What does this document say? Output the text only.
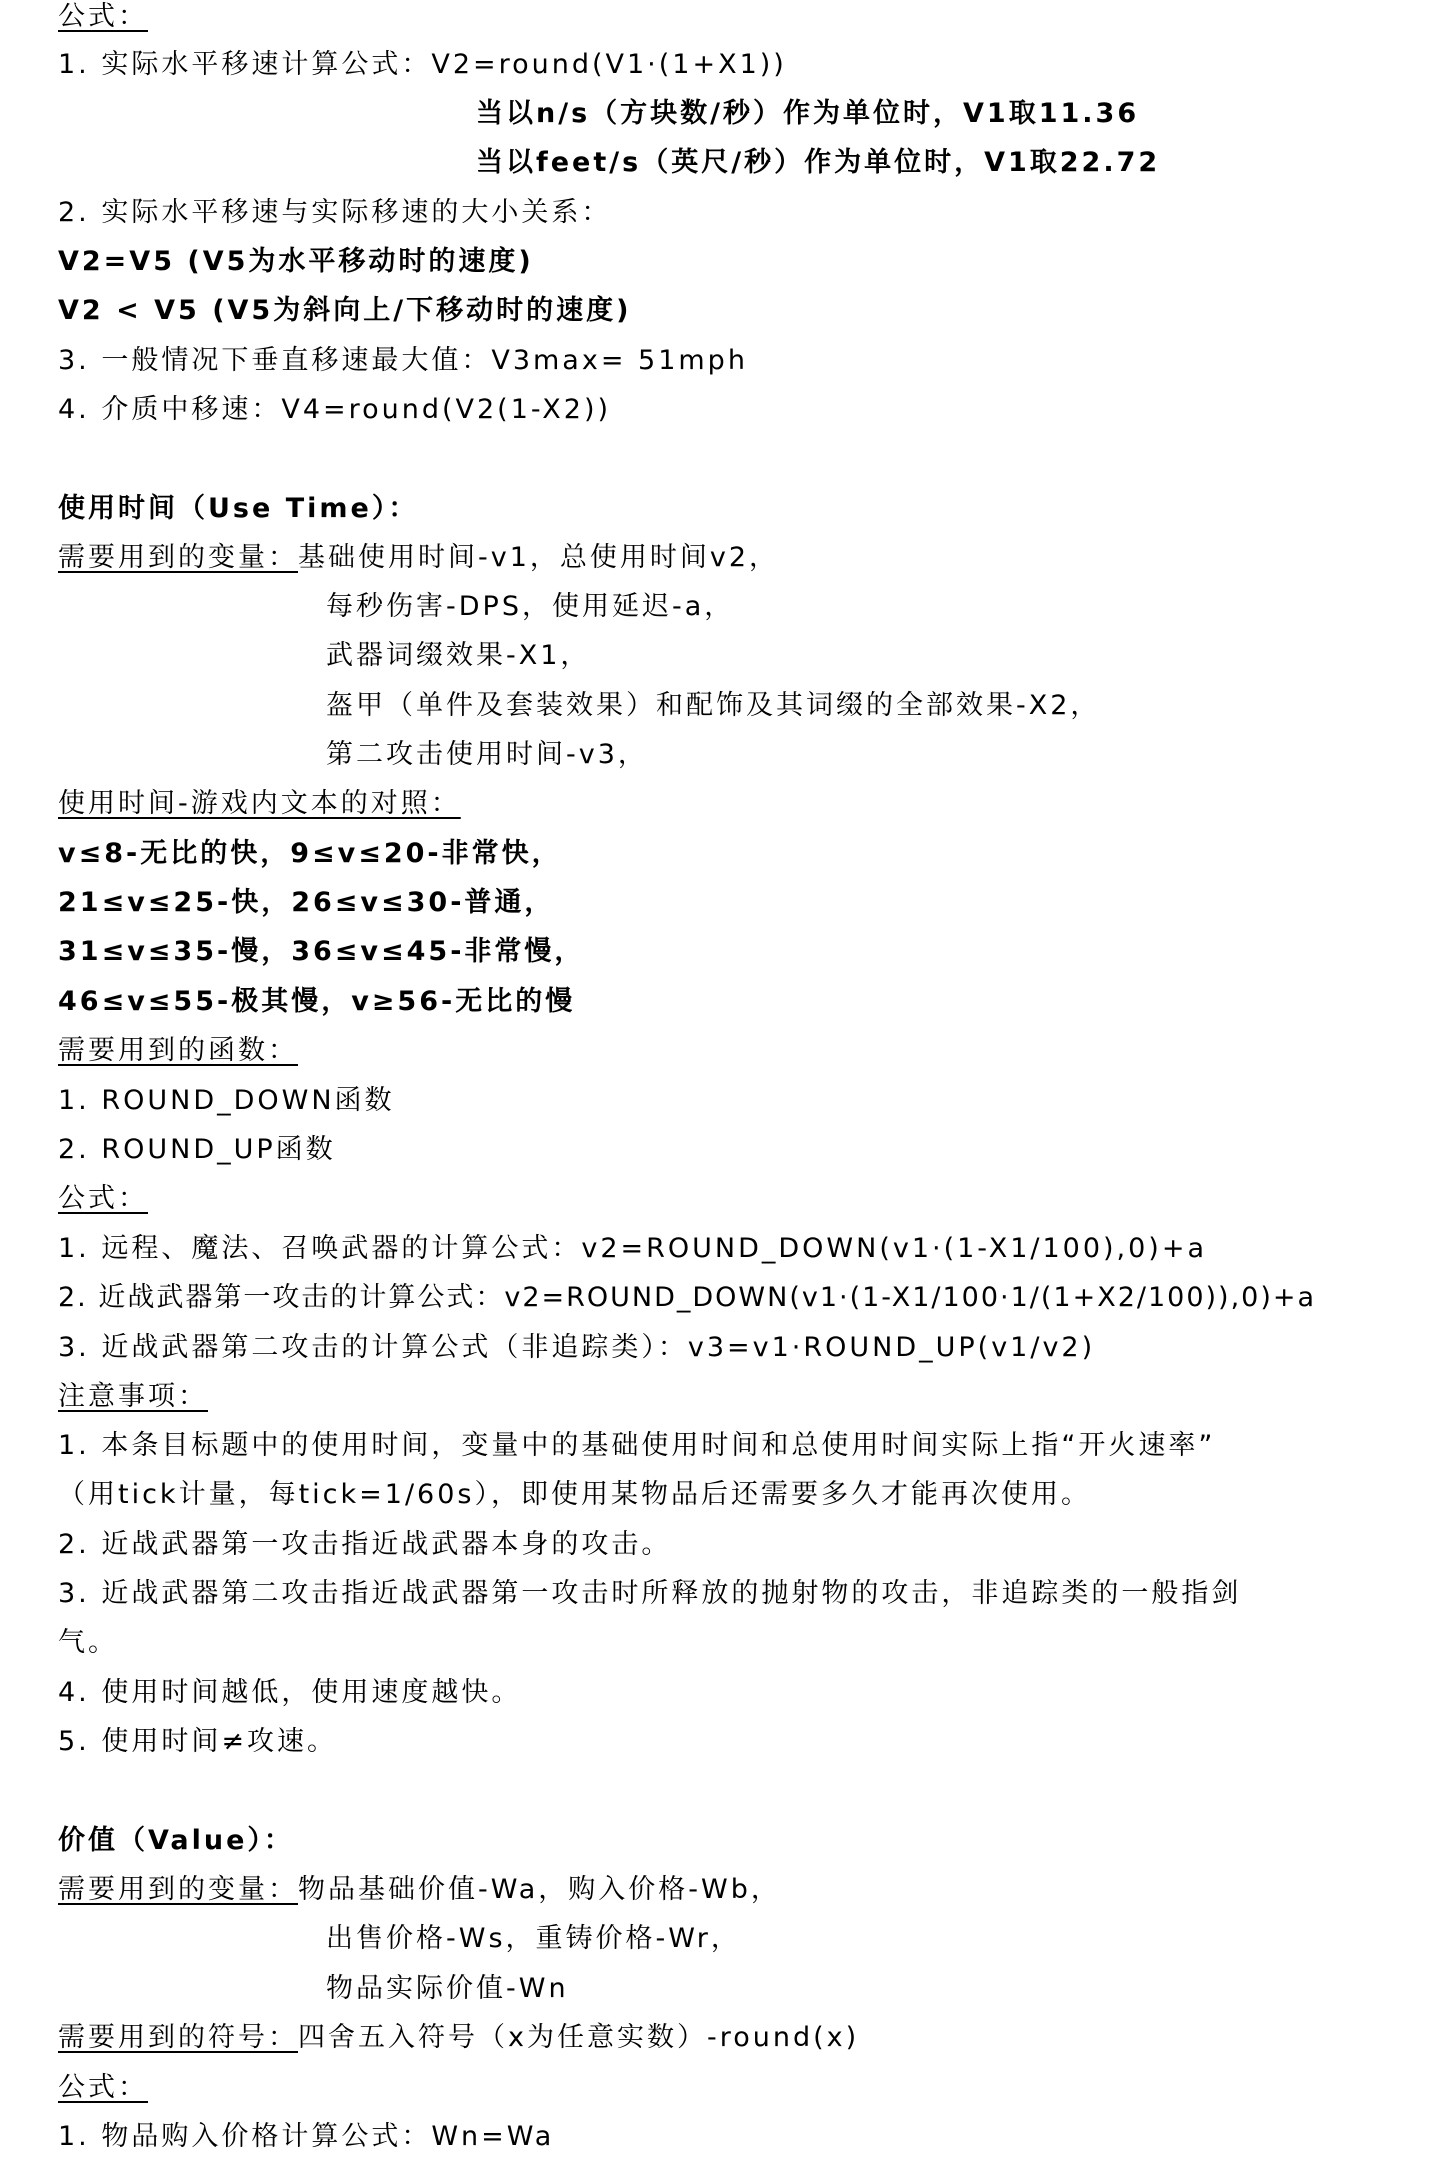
公式：
1. 实际水平移速计算公式：V2=round(V1·(1+X1))
当以n/s（方块数/秒）作为单位时，V1取11.36
当以feet/s（英尺/秒）作为单位时，V1取22.72
2. 实际水平移速与实际移速的大小关系：
V2=V5 (V5为水平移动时的速度)
V2 < V5 (V5为斜向上/下移动时的速度)
3. 一般情况下垂直移速最大值：V3max= 51mph
4. 介质中移速：V4=round(V2(1-X2))
使用时间（Use Time）：
需要用到的变量：基础使用时间-v1，总使用时间v2，
每秒伤害-DPS，使用延迟-a，
武器词缀效果-X1，
盔甲（单件及套装效果）和配饰及其词缀的全部效果-X2，
第二攻击使用时间-v3，
使用时间-游戏内文本的对照：
v≤8-无比的快，9≤v≤20-非常快，
21≤v≤25-快，26≤v≤30-普通，
31≤v≤35-慢，36≤v≤45-非常慢，
46≤v≤55-极其慢，v≥56-无比的慢
需要用到的函数：
1. ROUND_DOWN函数
2. ROUND_UP函数
公式：
1. 远程、魔法、召唤武器的计算公式：v2=ROUND_DOWN(v1·(1-X1/100),0)+a
2. 近战武器第一攻击的计算公式：v2=ROUND_DOWN(v1·(1-X1/100·1/(1+X2/100)),0)+a
3. 近战武器第二攻击的计算公式（非追踪类）：v3=v1·ROUND_UP(v1/v2)
注意事项：
1. 本条目标题中的使用时间，变量中的基础使用时间和总使用时间实际上指“开火速率”
（用tick计量，每tick=1/60s），即使用某物品后还需要多久才能再次使用。
2. 近战武器第一攻击指近战武器本身的攻击。
3. 近战武器第二攻击指近战武器第一攻击时所释放的抛射物的攻击，非追踪类的一般指剑
气。
4. 使用时间越低，使用速度越快。
5. 使用时间≠攻速。
价值（Value）：
需要用到的变量：物品基础价值-Wa，购入价格-Wb，
出售价格-Ws，重铸价格-Wr，
物品实际价值-Wn
需要用到的符号：四舍五入符号（x为任意实数）-round(x)
公式：
1. 物品购入价格计算公式：Wn=Wa
